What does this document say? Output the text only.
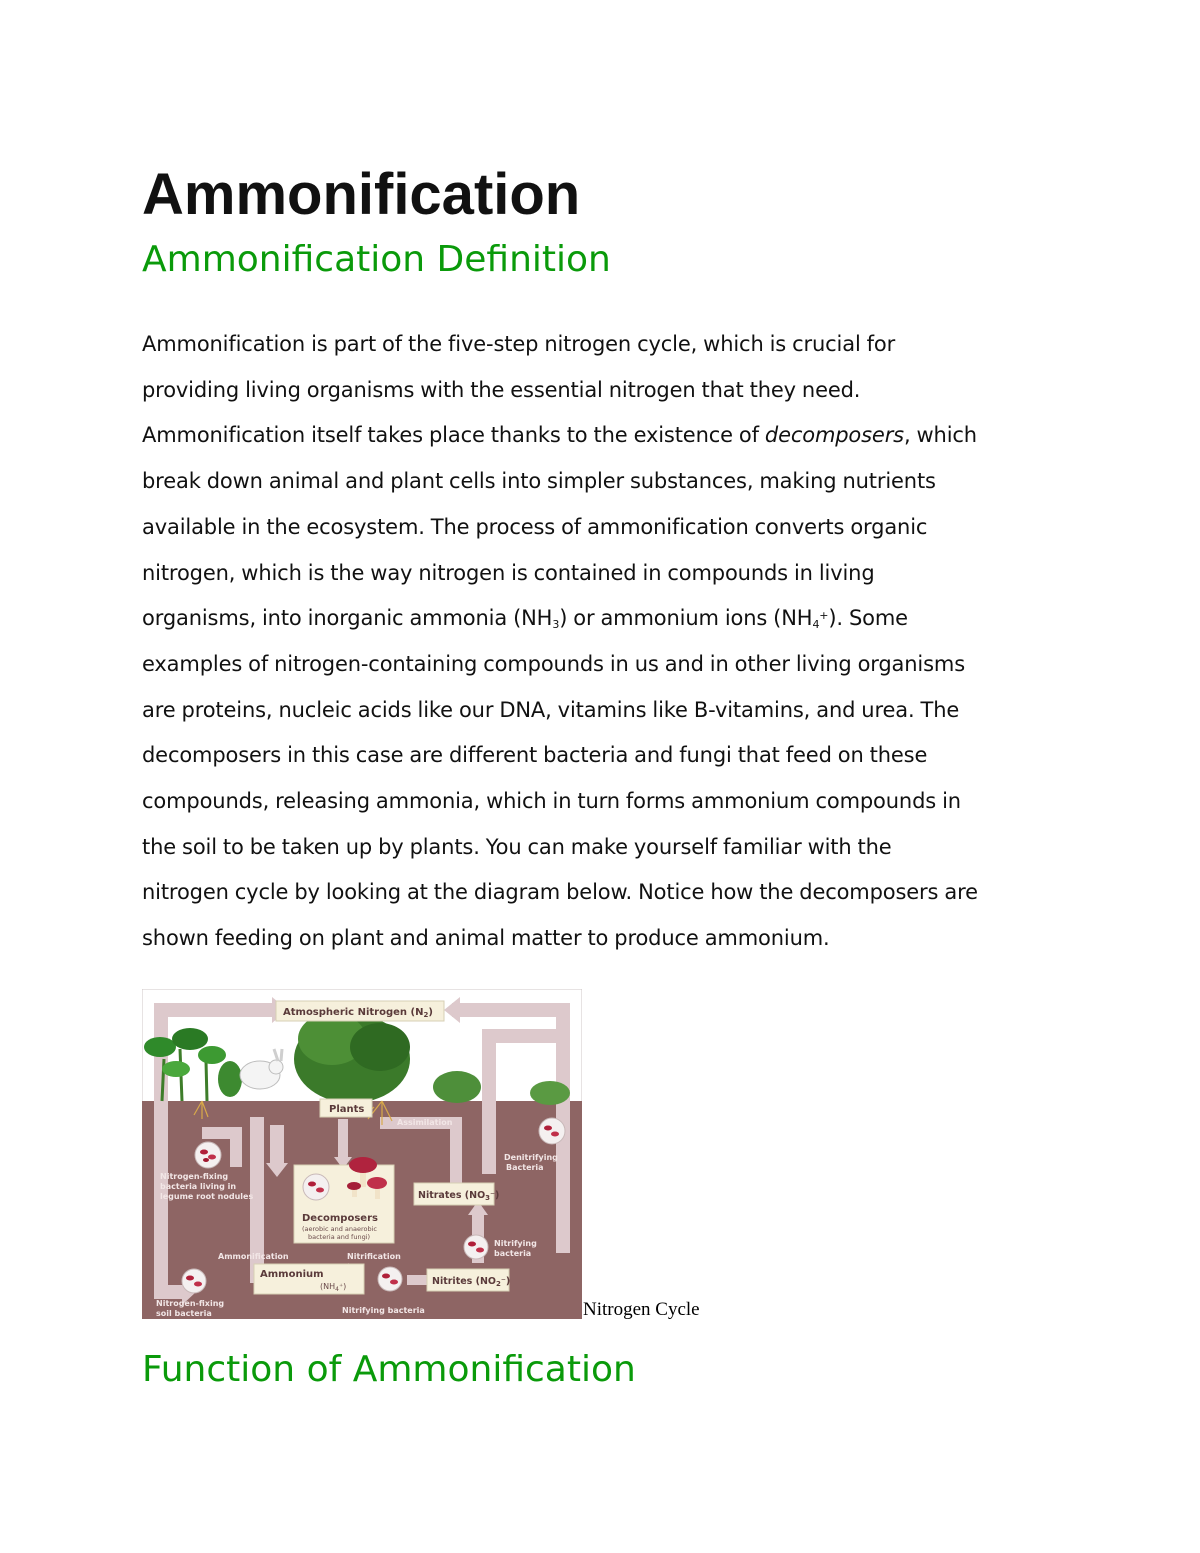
Ammonification
Ammonification Definition
Ammonification is part of the five-step nitrogen cycle, which is crucial for
providing living organisms with the essential nitrogen that they need.
Ammonification itself takes place thanks to the existence of decomposers, which
break down animal and plant cells into simpler substances, making nutrients
available in the ecosystem. The process of ammonification converts organic
nitrogen, which is the way nitrogen is contained in compounds in living
organisms, into inorganic ammonia $(NH_3)$ or ammonium ions $(NH_4^+)$. Some
examples of nitrogen-containing compounds in us and in other living organisms
are proteins, nucleic acids like our DNA, vitamins like B-vitamins, and urea. The
decomposers in this case are different bacteria and fungi that feed on these
compounds, releasing ammonia, which in turn forms ammonium compounds in
the soil to be taken up by plants. You can make yourself familiar with the
nitrogen cycle by looking at the diagram below. Notice how the decomposers are
shown feeding on plant and animal matter to produce ammonium.
Atmospheric Nitrogen $(N_2)$
Plants
Assimilation
Denitrifying
Bacteria
Nitrogen-fixing
bacteria living in
legume root nodules
Decomposers
(aerobic and anaerobic
bacteria and fungi)
Nitrates $(NO_3^-)$
Nitrifying
bacteria
Ammonification	Nitrification
Ammonium
$(NH_4^+)$	Nitrites $(NO_2^-)$
Nitrogen-fixing
soil bacteria	Nitrifying bacteria	Nitrogen Cycle
Function of Ammonification
